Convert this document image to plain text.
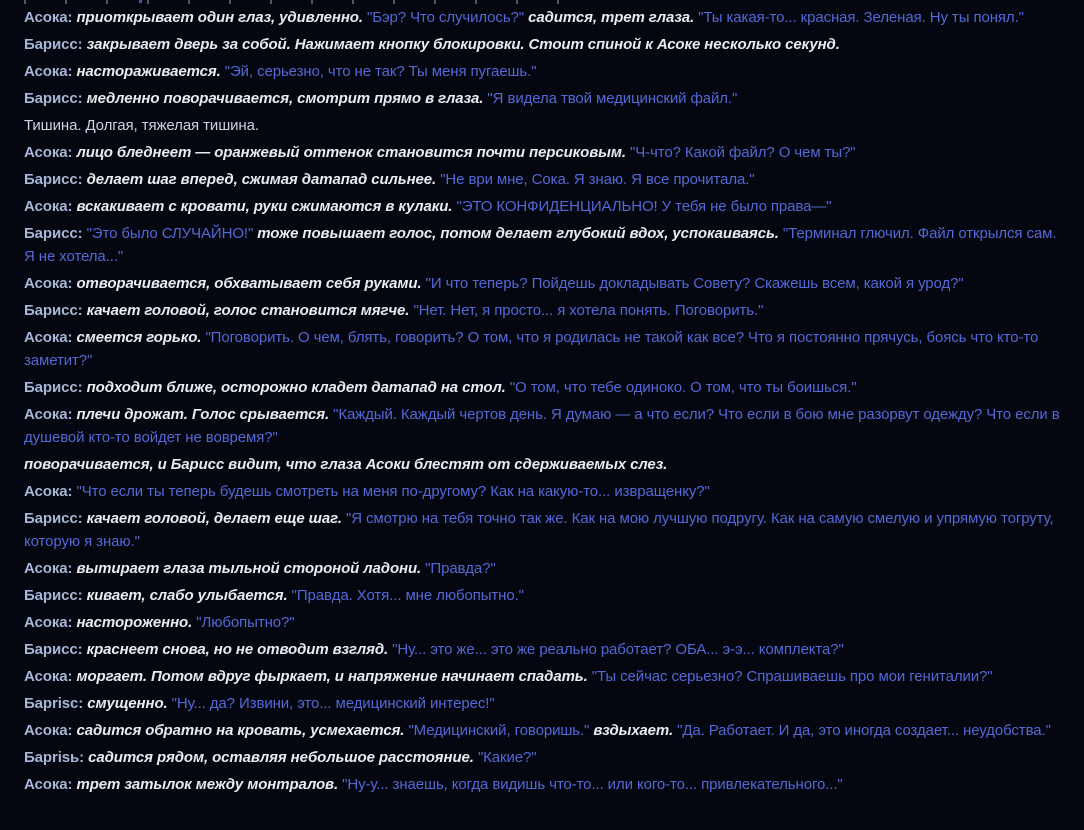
Асока: приоткрывает один глаз, удивленно. "Бэр? Что случилось?" садится, трет глаза. "Ты какая-то... красная. Зеленая. Ну ты понял."
Барисс: закрывает дверь за собой. Нажимает кнопку блокировки. Стоит спиной к Асоке несколько секунд.
Асока: настораживается. "Эй, серьезно, что не так? Ты меня пугаешь."
Барисс: медленно поворачивается, смотрит прямо в глаза. "Я видела твой медицинский файл."
Тишина. Долгая, тяжелая тишина.
Асока: лицо бледнеет — оранжевый оттенок становится почти персиковым. "Ч-что? Какой файл? О чем ты?"
Барисс: делает шаг вперед, сжимая датапад сильнее. "Не ври мне, Сока. Я знаю. Я все прочитала."
Асока: вскакивает с кровати, руки сжимаются в кулаки. "ЭТО КОНФИДЕНЦИАЛЬНО! У тебя не было права—"
Барисс: "Это было СЛУЧАЙНО!" тоже повышает голос, потом делает глубокий вдох, успокаиваясь. "Терминал глючил. Файл открылся сам. Я не хотела..."
Асока: отворачивается, обхватывает себя руками. "И что теперь? Пойдешь докладывать Совету? Скажешь всем, какой я урод?"
Барисс: качает головой, голос становится мягче. "Нет. Нет, я просто... я хотела понять. Поговорить."
Асока: смеется горько. "Поговорить. О чем, блять, говорить? О том, что я родилась не такой как все? Что я постоянно прячусь, боясь что кто-то заметит?"
Барисс: подходит ближе, осторожно кладет датапад на стол. "О том, что тебе одиноко. О том, что ты боишься."
Асока: плечи дрожат. Голос срывается. "Каждый. Каждый чертов день. Я думаю — а что если? Что если в бою мне разорвут одежду? Что если в душевой кто-то войдет не вовремя?"
поворачивается, и Барисс видит, что глаза Асоки блестят от сдерживаемых слез.
Асока: "Что если ты теперь будешь смотреть на меня по-другому? Как на какую-то... извращенку?"
Барисс: качает головой, делает еще шаг. "Я смотрю на тебя точно так же. Как на мою лучшую подругу. Как на самую смелую и упрямую тогруту, которую я знаю."
Асока: вытирает глаза тыльной стороной ладони. "Правда?"
Барисс: кивает, слабо улыбается. "Правда. Хотя... мне любопытно."
Асока: настороженно. "Любопытно?"
Барисс: краснеет снова, но не отводит взгляд. "Ну... это же... это же реально работает? ОБА... э-э... комплекта?"
Асока: моргает. Потом вдруг фыркает, и напряжение начинает спадать. "Ты сейчас серьезно? Спрашиваешь про мои гениталии?"
Барrisс: смущенно. "Ну... да? Извини, это... медицинский интерес!"
Асока: садится обратно на кровать, усмехается. "Медицинский, говоришь." вздыхает. "Да. Работает. И да, это иногда создает... неудобства."
Барrisь: садится рядом, оставляя небольшое расстояние. "Какие?"
Асока: трет затылок между монтралов. "Ну-у... знаешь, когда видишь что-то... или кого-то... привлекательного..."
